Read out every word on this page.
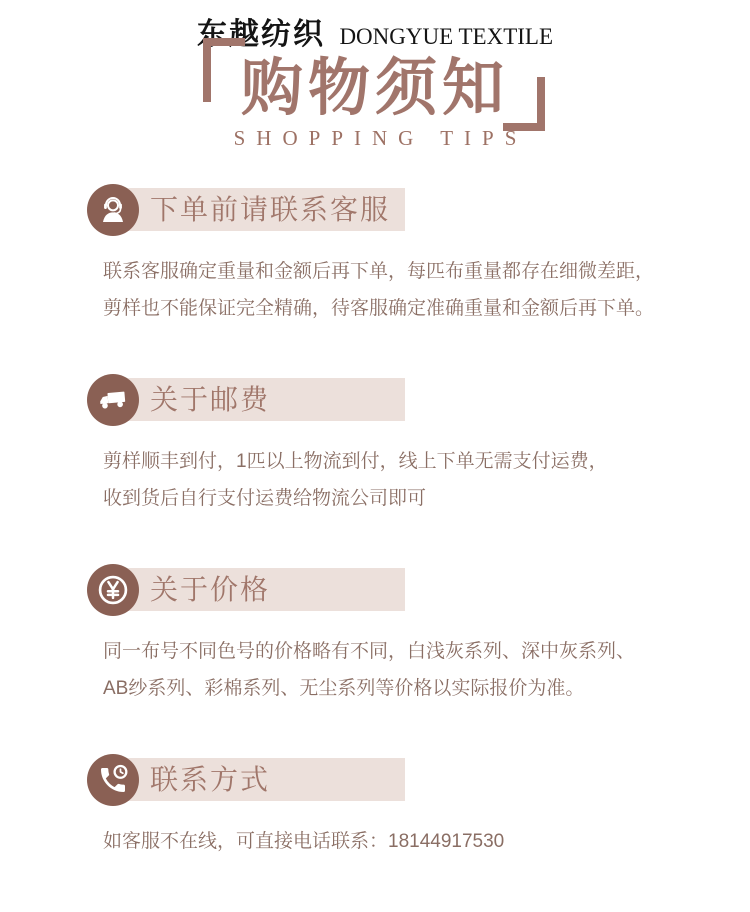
东越纺织 DONGYUE TEXTILE
购物须知
SHOPPING TIPS
下单前请联系客服
联系客服确定重量和金额后再下单，每匹布重量都存在细微差距，
剪样也不能保证完全精确，待客服确定准确重量和金额后再下单。
关于邮费
剪样顺丰到付，1匹以上物流到付，线上下单无需支付运费，
收到货后自行支付运费给物流公司即可
关于价格
同一布号不同色号的价格略有不同，白浅灰系列、深中灰系列、
AB纱系列、彩棉系列、无尘系列等价格以实际报价为准。
联系方式
如客服不在线，可直接电话联系：18144917530
